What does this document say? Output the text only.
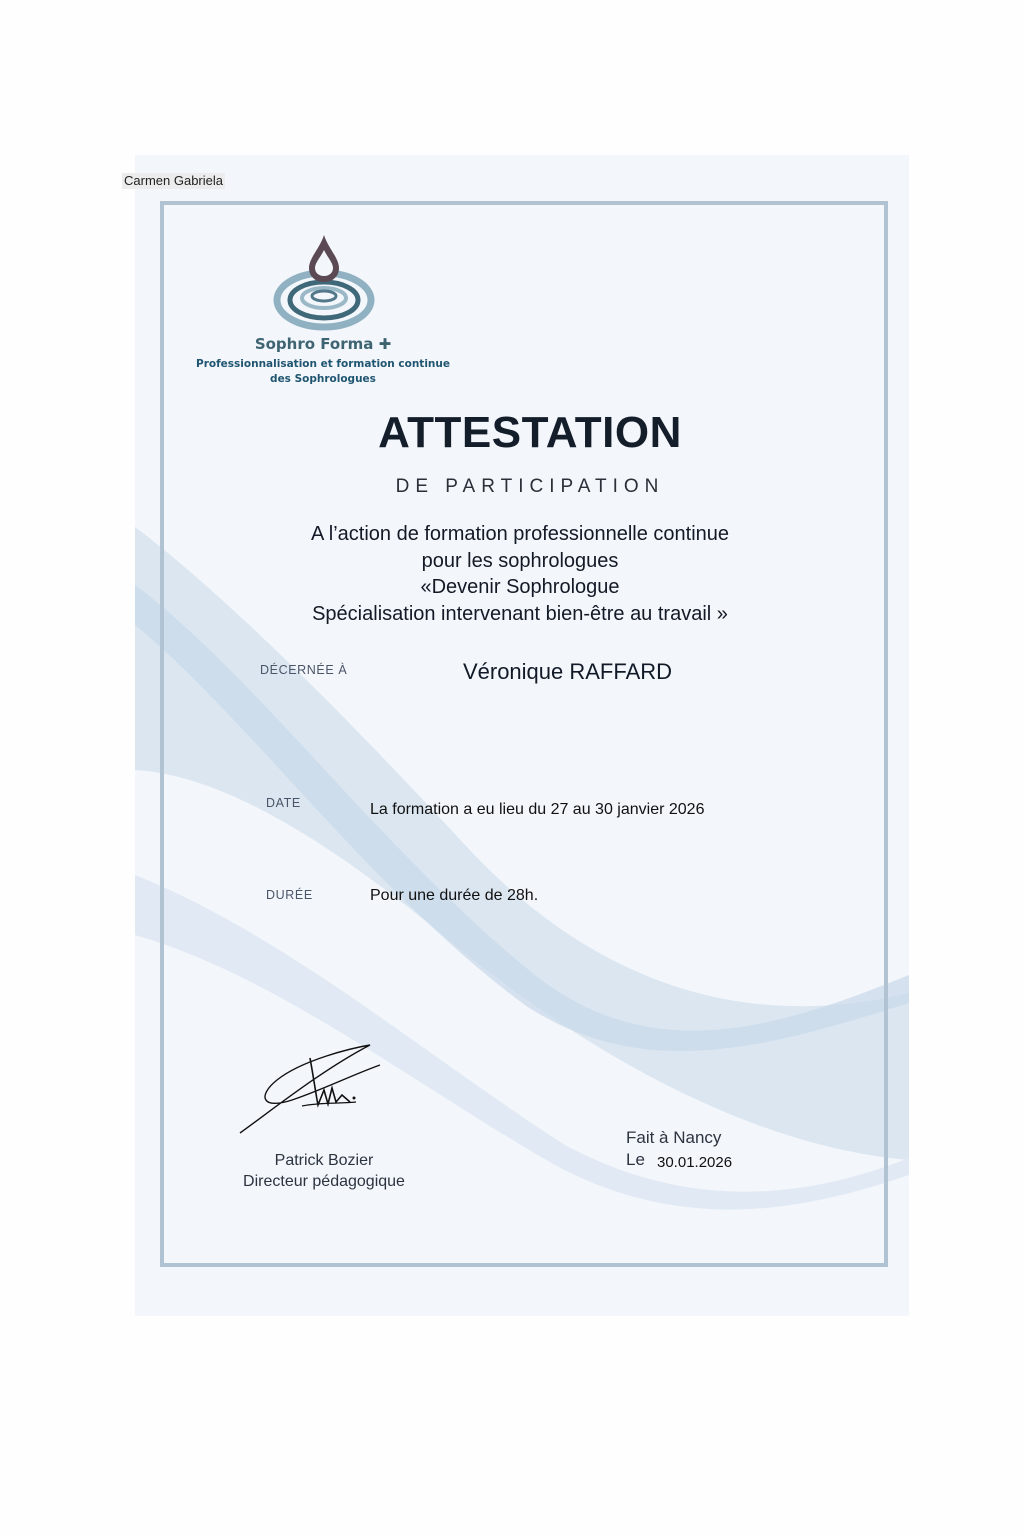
Carmen Gabriela
Sophro Forma ✚
Professionnalisation et formation continue
des Sophrologues
ATTESTATION
DE PARTICIPATION
A l’action de formation professionnelle continue
pour les sophrologues
«Devenir Sophrologue
Spécialisation intervenant bien-être au travail »
DÉCERNÉE À	Véronique RAFFARD
DATE	La formation a eu lieu du 27 au 30 janvier 2026
DURÉE	Pour une durée de 28h.
Patrick Bozier
Directeur pédagogique
Fait à Nancy
Le 30.01.2026
